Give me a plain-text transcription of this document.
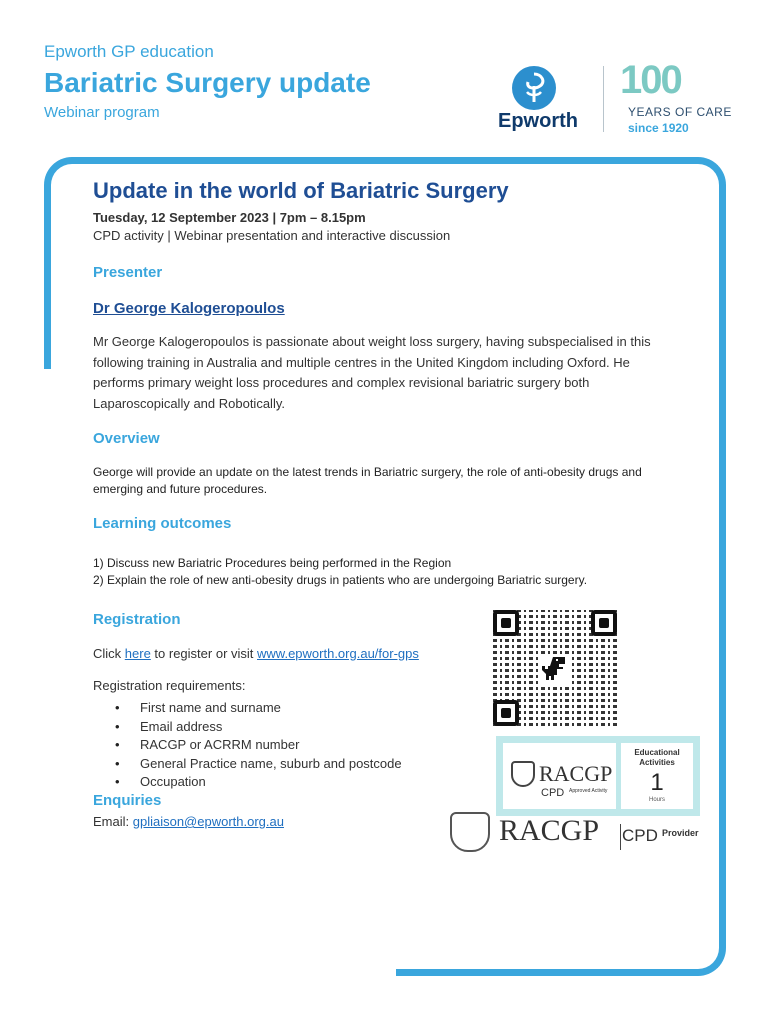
Epworth GP education
Bariatric Surgery update
Webinar program	Epworth
100
YEARS OF CARE
since 1920
Update in the world of Bariatric Surgery
Tuesday, 12 September 2023 | 7pm – 8.15pm
CPD activity | Webinar presentation and interactive discussion
Presenter
Dr George Kalogeropoulos
Mr George Kalogeropoulos is passionate about weight loss surgery, having subspecialised in this following training in Australia and multiple centres in the United Kingdom including Oxford. He performs primary weight loss procedures and complex revisional bariatric surgery both Laparoscopically and Robotically.
Overview

George will provide an update on the latest trends in Bariatric surgery, the role of anti-obesity drugs and emerging and future procedures.

Learning outcomes

1) Discuss new Bariatric Procedures being performed in the Region

2) Explain the role of new anti-obesity drugs in patients who are undergoing Bariatric surgery.

Registration
Click here to register or visit www.epworth.org.au/for-gps
Registration requirements:
• First name and surname
• Email address
• RACGP or ACRRM number
• General Practice name, suburb and postcode
• Occupation
Enquiries
Email: gpliaison@epworth.org.au
RACGP
CPD Approved Activity
Educational Activities
1
Hours
RACGP CPD Provider
